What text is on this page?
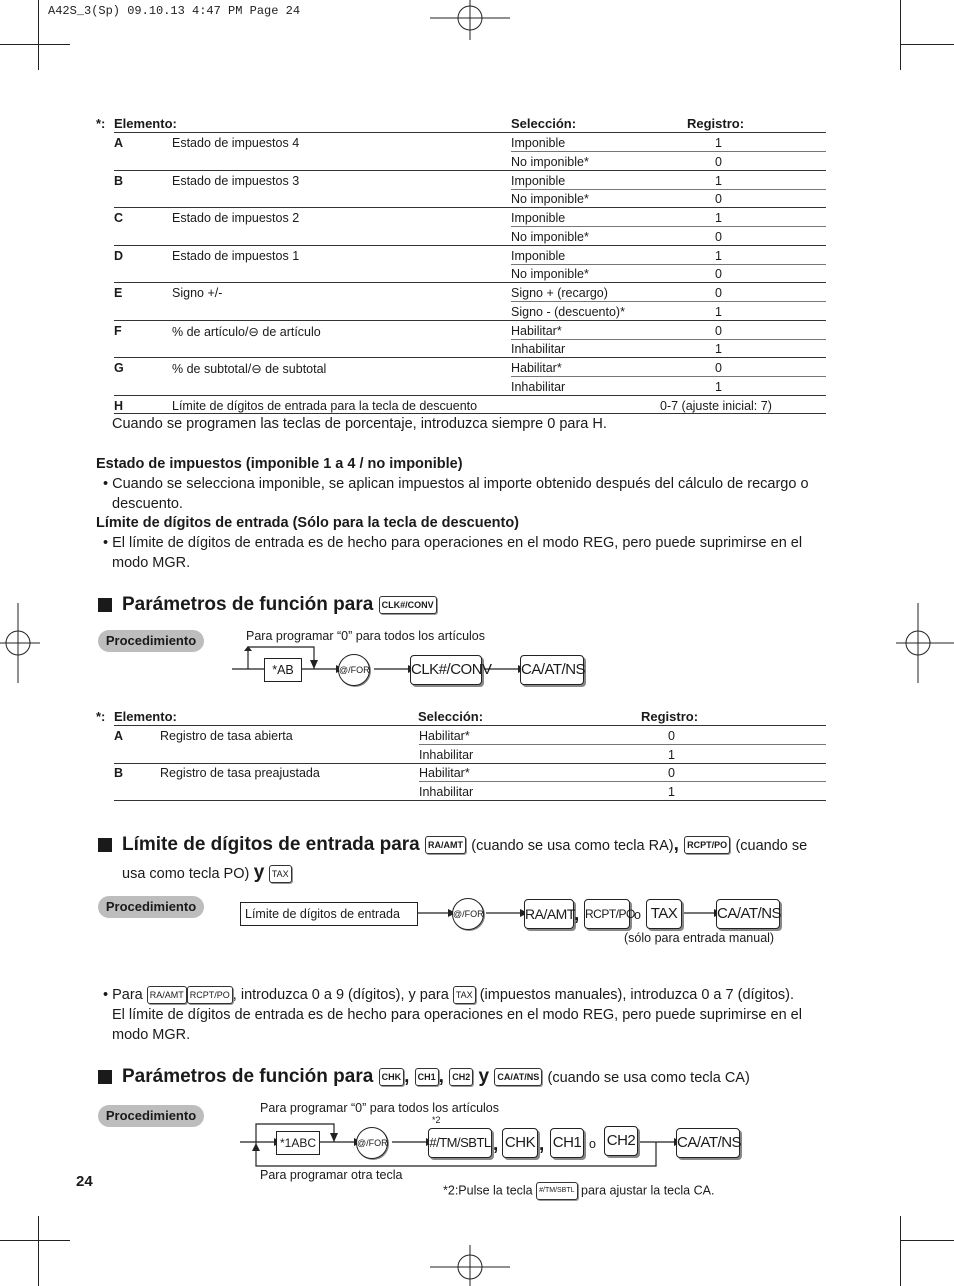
A42S_3(Sp) 09.10.13 4:47 PM Page 24
*: Elemento:	Selección:	Registro:
A	Estado de impuestos 4	Imponible	1
No imponible*	0
B	Estado de impuestos 3	Imponible	1
No imponible*	0
C	Estado de impuestos 2	Imponible	1
No imponible*	0
D	Estado de impuestos 1	Imponible	1
No imponible*	0
E	Signo +/-	Signo + (recargo)	0
Signo - (descuento)*	1
F	% de artículo/⊖ de artículo	Habilitar*	0
Inhabilitar	1
G	% de subtotal/⊖ de subtotal	Habilitar*	0
Inhabilitar	1
H	Límite de dígitos de entrada para la tecla de descuento	0-7 (ajuste inicial: 7)
Cuando se programen las teclas de porcentaje, introduzca siempre 0 para H.
Estado de impuestos (imponible 1 a 4 / no imponible)
• Cuando se selecciona imponible, se aplican impuestos al importe obtenido después del cálculo de recargo o
descuento.
Límite de dígitos de entrada (Sólo para la tecla de descuento)
• El límite de dígitos de entrada es de hecho para operaciones en el modo REG, pero puede suprimirse en el
modo MGR.
Parámetros de función para CLK#/CONV
Procedimiento	Para programar “0” para todos los artículos
*AB	@/FOR	CLK#/CONV CA/AT/NS
*: Elemento:	Selección:	Registro:
A	Registro de tasa abierta	Habilitar*	0
Inhabilitar	1
B	Registro de tasa preajustada	Habilitar*	0
Inhabilitar	1
Límite de dígitos de entrada para RA/AMT (cuando se usa como tecla RA), RCPT/PO (cuando se
usa como tecla PO) y TAX
Procedimiento	Límite de dígitos de entrada	@/FOR	RA/AMT , RCPT/PO o TAX	CA/AT/NS
(sólo para entrada manual)
• Para RA/AMT RCPT/PO , introduzca 0 a 9 (dígitos), y para TAX (impuestos manuales), introduzca 0 a 7 (dígitos).
El límite de dígitos de entrada es de hecho para operaciones en el modo REG, pero puede suprimirse en el
modo MGR.
Parámetros de función para CHK , CH1 , CH2 y CA/AT/NS (cuando se usa como tecla CA)
Procedimiento	Para programar “0” para todos los artículos
*1ABC	@/FOR
*2
#/TM/SBTL , CHK , CH1 o CH2	CA/AT/NS
Para programar otra tecla
*2:Pulse la tecla #/TM/SBTL para ajustar la tecla CA.
24
